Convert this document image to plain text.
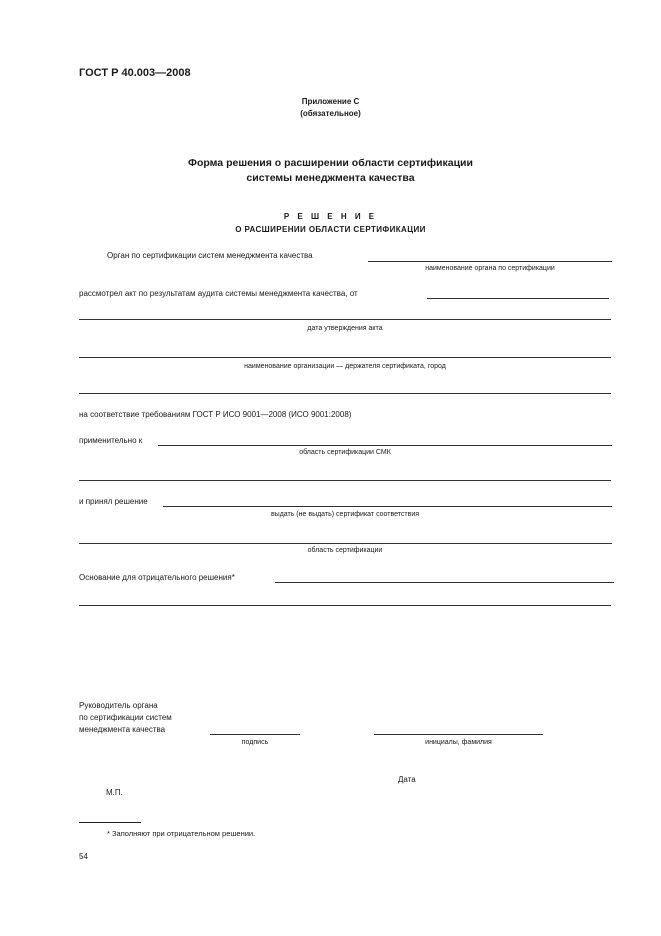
ГОСТ Р 40.003—2008
Приложение С
(обязательное)
Форма решения о расширении области сертификации
системы менеджмента качества
Р Е Ш Е Н И Е
О РАСШИРЕНИИ ОБЛАСТИ СЕРТИФИКАЦИИ
Орган по сертификации систем менеджмента качества
наименование органа по сертификации
рассмотрел акт по результатам аудита системы менеджмента качества, от
дата утверждения акта
наименование организации — держателя сертификата, город
на соответствие требованиям ГОСТ Р ИСО 9001—2008 (ИСО 9001:2008)
применительно к
область сертификации СМК
и принял решение
выдать (не выдать) сертификат соответствия
область сертификации
Основание для отрицательного решения*
Руководитель органа
по сертификации систем
менеджмента качества
подпись	инициалы, фамилия
Дата
М.П.
* Заполняют при отрицательном решении.
54
